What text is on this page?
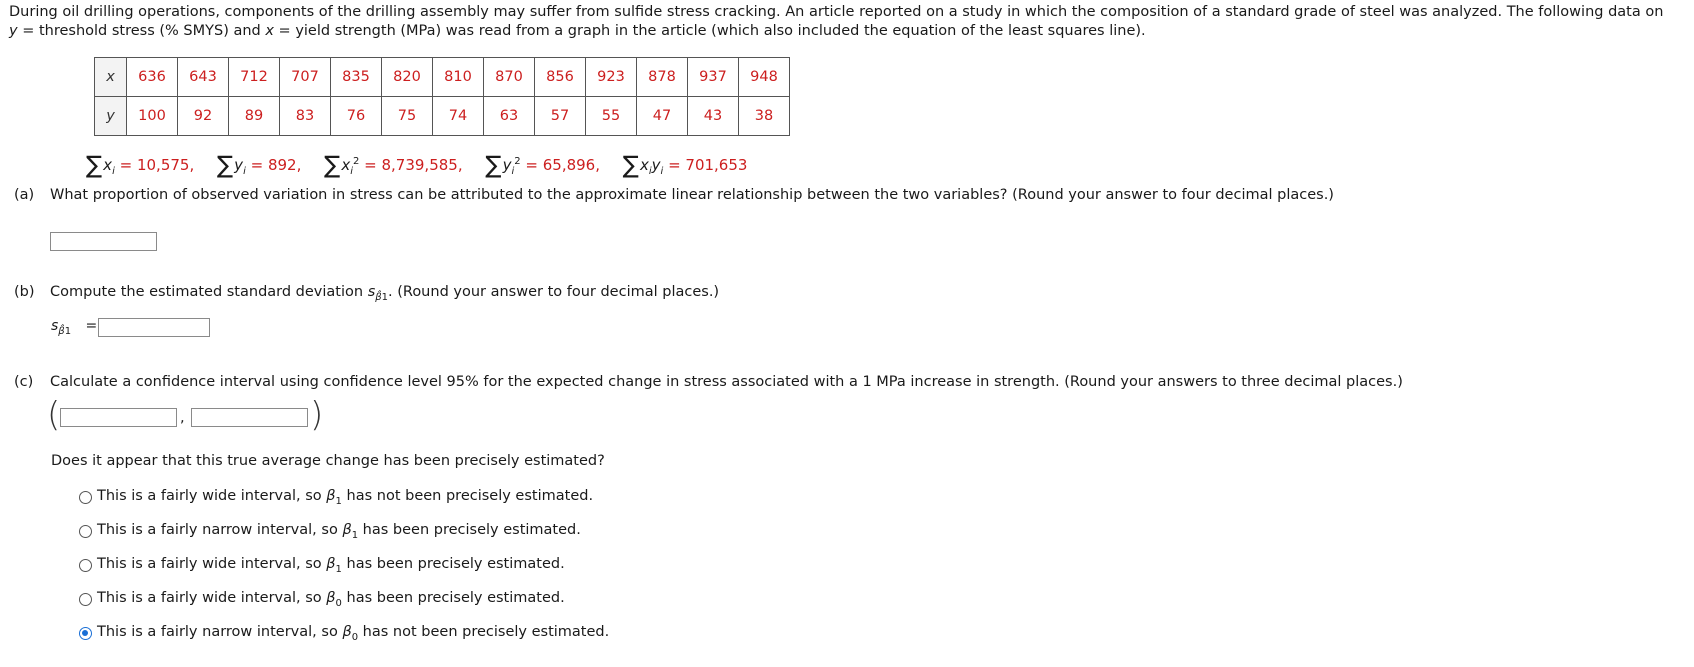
During oil drilling operations, components of the drilling assembly may suffer from sulfide stress cracking. An article reported on a study in which the composition of a standard grade of steel was analyzed. The following data on
y = threshold stress (% SMYS) and x = yield strength (MPa) was read from a graph in the article (which also included the equation of the least squares line).
x	636	643	712	707	835	820	810	870	856	923	878	937	948
y	100	92	89	83	76	75	74	63	57	55	47	43	38
$\sum x_i = 10,575$, $\sum y_i = 892$, $\sum x_i^2 = 8,739,585$, $\sum y_i^2 = 65,896$, $\sum x_iy_i = 701,653$
(a) What proportion of observed variation in stress can be attributed to the approximate linear relationship between the two variables? (Round your answer to four decimal places.)
(b) Compute the estimated standard deviation $s_{\betâ1}$. (Round your answer to four decimal places.)
$s_{\betâ1}$ =
(c) Calculate a confidence interval using confidence level 95% for the expected change in stress associated with a 1 MPa increase in strength. (Round your answers to three decimal places.)
(	,	)
Does it appear that this true average change has been precisely estimated?
This is a fairly wide interval, so $\beta_1$ has not been precisely estimated.
This is a fairly narrow interval, so $\beta_1$ has been precisely estimated.
This is a fairly wide interval, so $\beta_1$ has been precisely estimated.
This is a fairly wide interval, so $\beta_0$ has been precisely estimated.
This is a fairly narrow interval, so $\beta_0$ has not been precisely estimated.
